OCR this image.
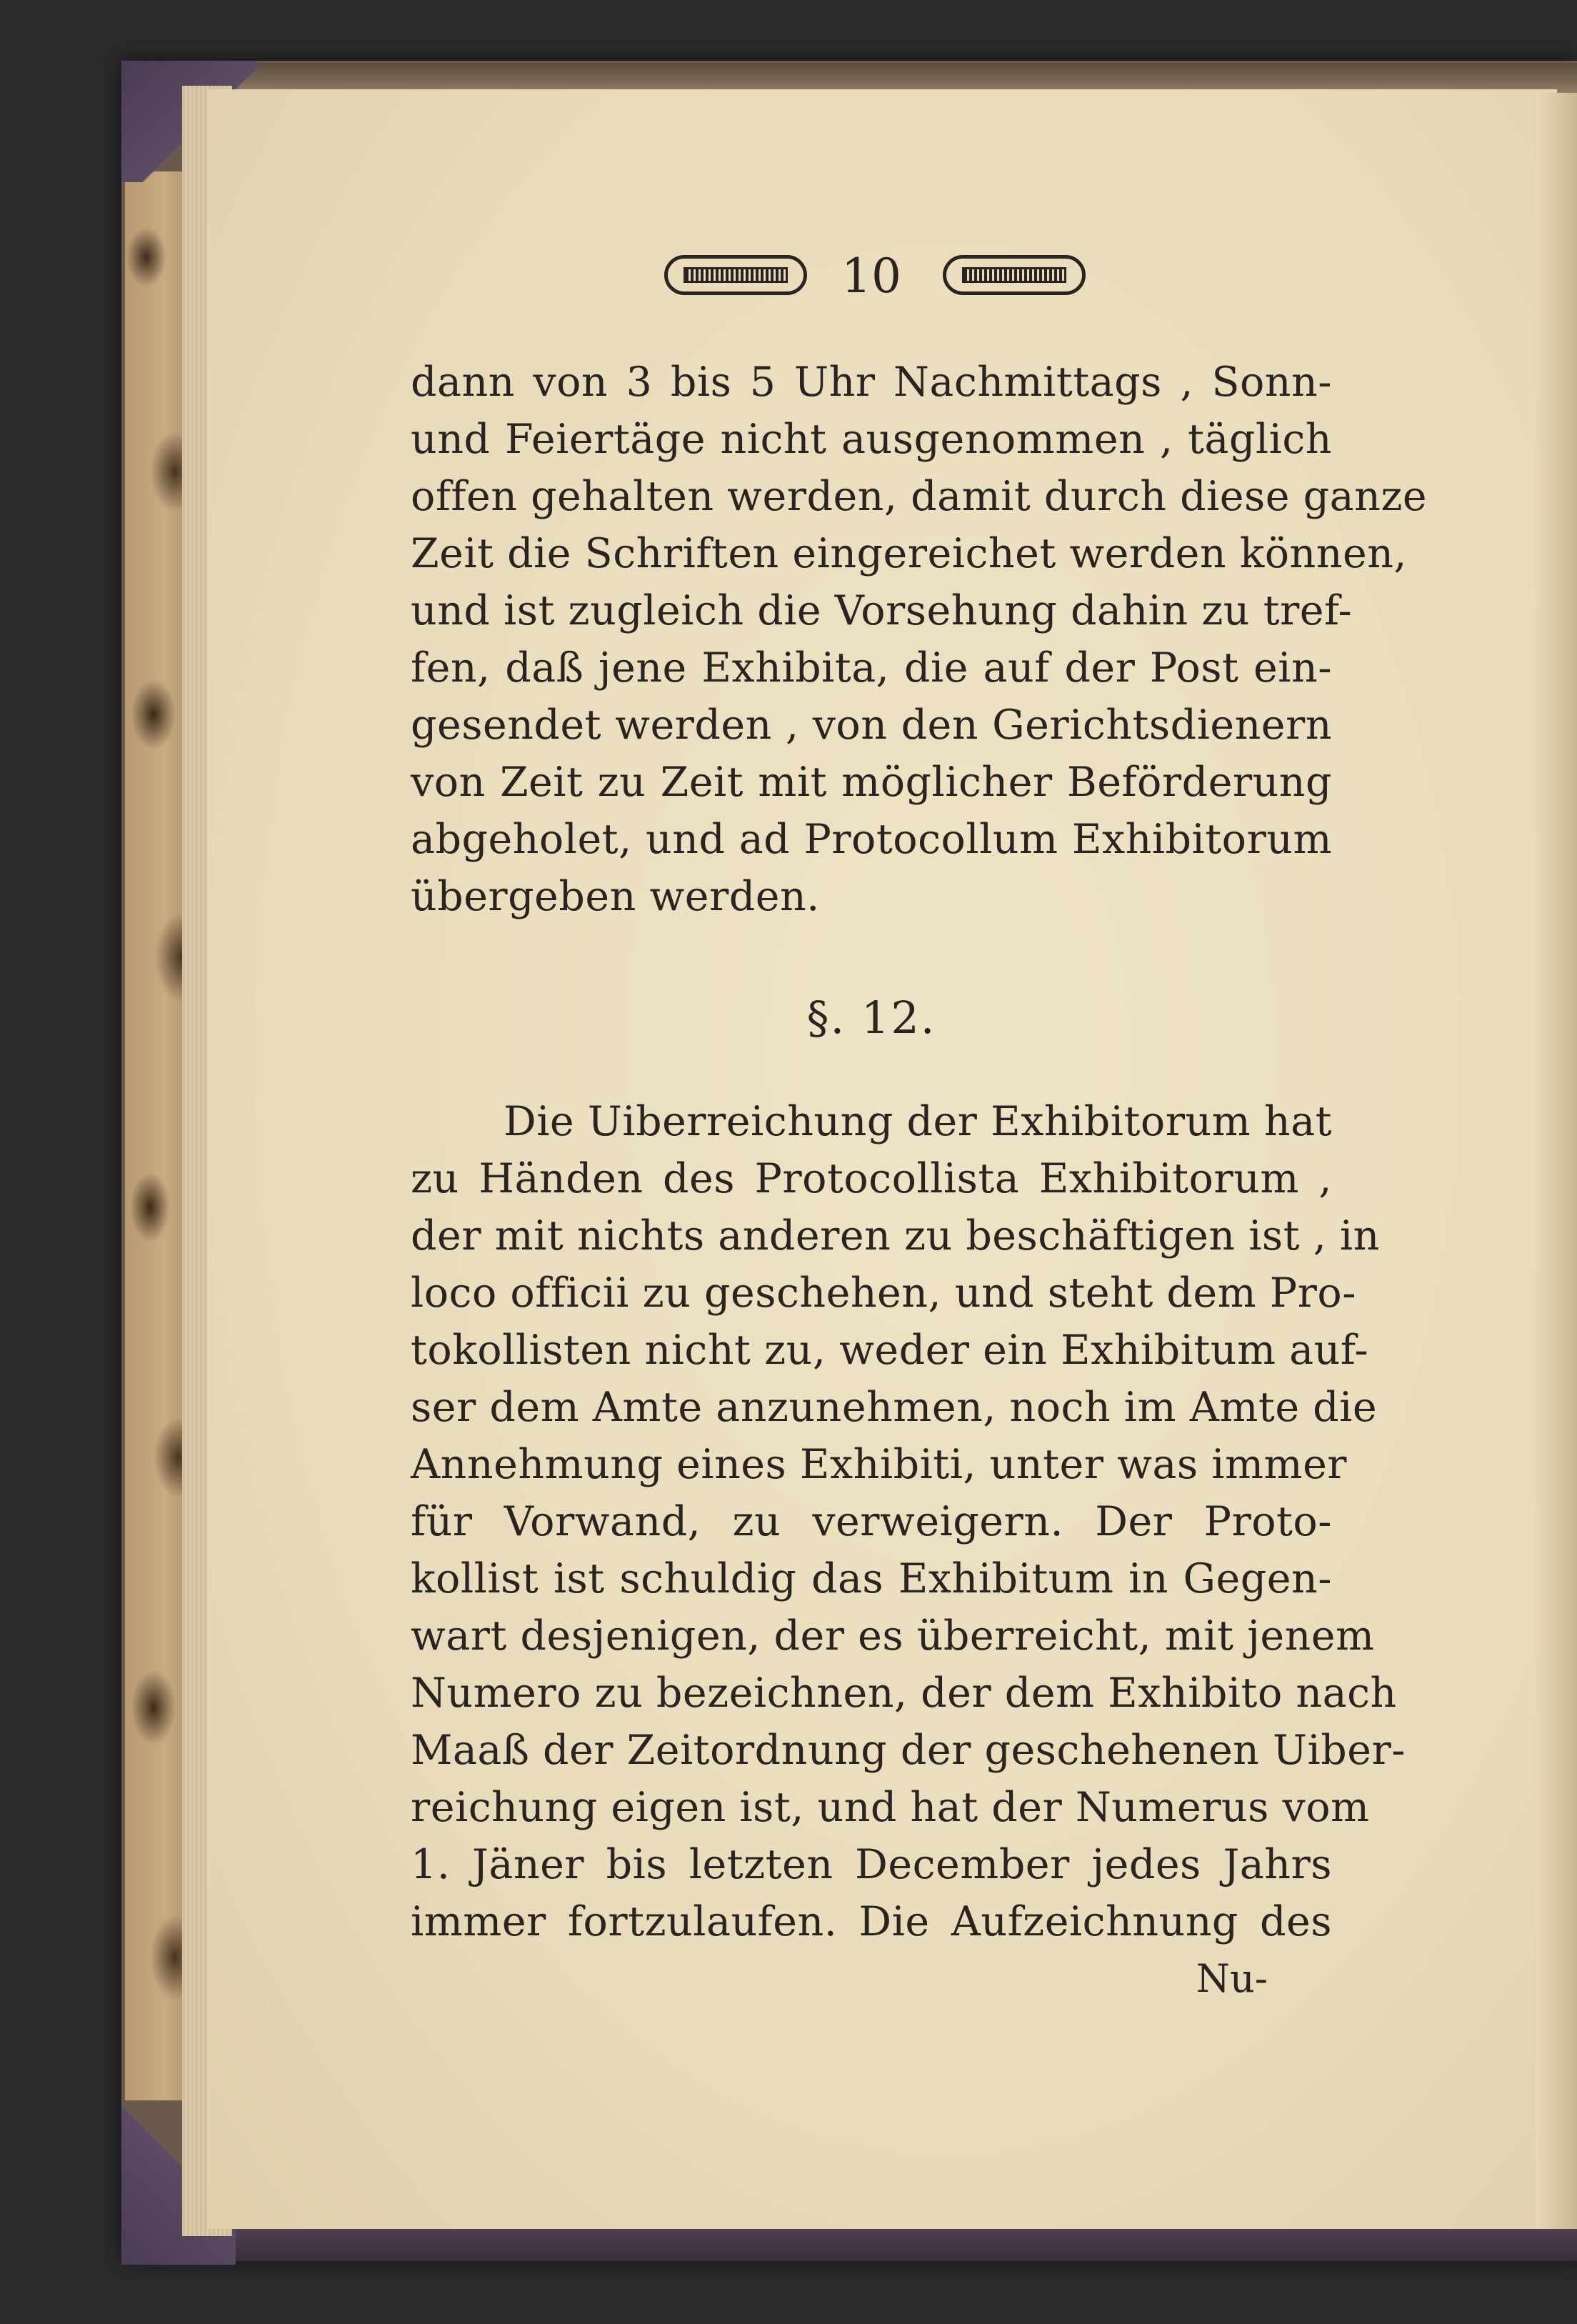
10
dann von 3 bis 5 Uhr Nachmittags , Sonn-
und Feiertäge nicht ausgenommen , täglich
offen gehalten werden, damit durch diese ganze
Zeit die Schriften eingereichet werden können,
und ist zugleich die Vorsehung dahin zu tref-
fen, daß jene Exhibita, die auf der Post ein-
gesendet werden , von den Gerichtsdienern
von Zeit zu Zeit mit möglicher Beförderung
abgeholet, und ad Protocollum Exhibitorum
übergeben werden.
§. 12.
Die Uiberreichung der Exhibitorum hat
zu Händen des Protocollista Exhibitorum ,
der mit nichts anderen zu beschäftigen ist , in
loco officii zu geschehen, und steht dem Pro-
tokollisten nicht zu, weder ein Exhibitum auf-
ser dem Amte anzunehmen, noch im Amte die
Annehmung eines Exhibiti, unter was immer
für Vorwand, zu verweigern. Der Proto-
kollist ist schuldig das Exhibitum in Gegen-
wart desjenigen, der es überreicht, mit jenem
Numero zu bezeichnen, der dem Exhibito nach
Maaß der Zeitordnung der geschehenen Uiber-
reichung eigen ist, und hat der Numerus vom
1. Jäner bis letzten December jedes Jahrs
immer fortzulaufen. Die Aufzeichnung des
Nu-
